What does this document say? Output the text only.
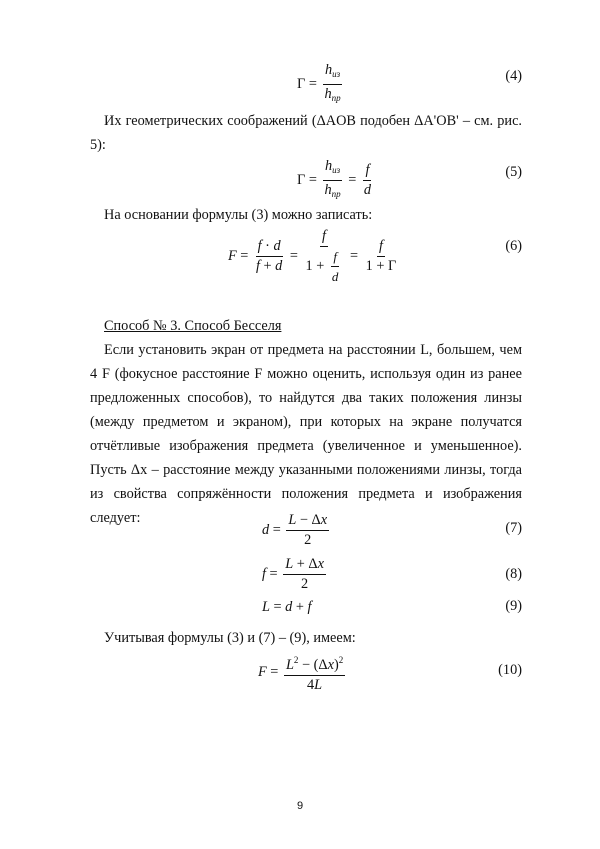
$Г = \frac{h_{из}}{h_{пр}}$	(4)
Их геометрических соображений (ΔAOB подобен ΔA'OB' – см. рис. 5):
$Г = \frac{h_{из}}{h_{пр}} = \frac{f}{d}$	(5)
На основании формулы (3) можно записать:
$F = \frac{f \cdot d}{f + d} = \frac{f}{1 + \frac{f}{d}} = \frac{f}{1 + Г}$	(6)
Способ № 3. Способ Бесселя
Если установить экран от предмета на расстоянии L, большем, чем 4 F (фокусное расстояние F можно оценить, используя один из ранее предложенных способов), то найдутся два таких положения линзы (между предметом и экраном), при которых на экране получатся отчётливые изображения предмета (увеличенное и уменьшенное). Пусть Δx – расстояние между указанными положениями линзы, тогда из свойства сопряжённости положения предмета и изображения следует:
$d = \frac{L - \Delta x}{2}$	(7)
$f = \frac{L + \Delta x}{2}$	(8)
L = d + f	(9)
Учитывая формулы (3) и (7) – (9), имеем:
$F = \frac{L^2 - (\Delta x)^2}{4L}$	(10)
9
